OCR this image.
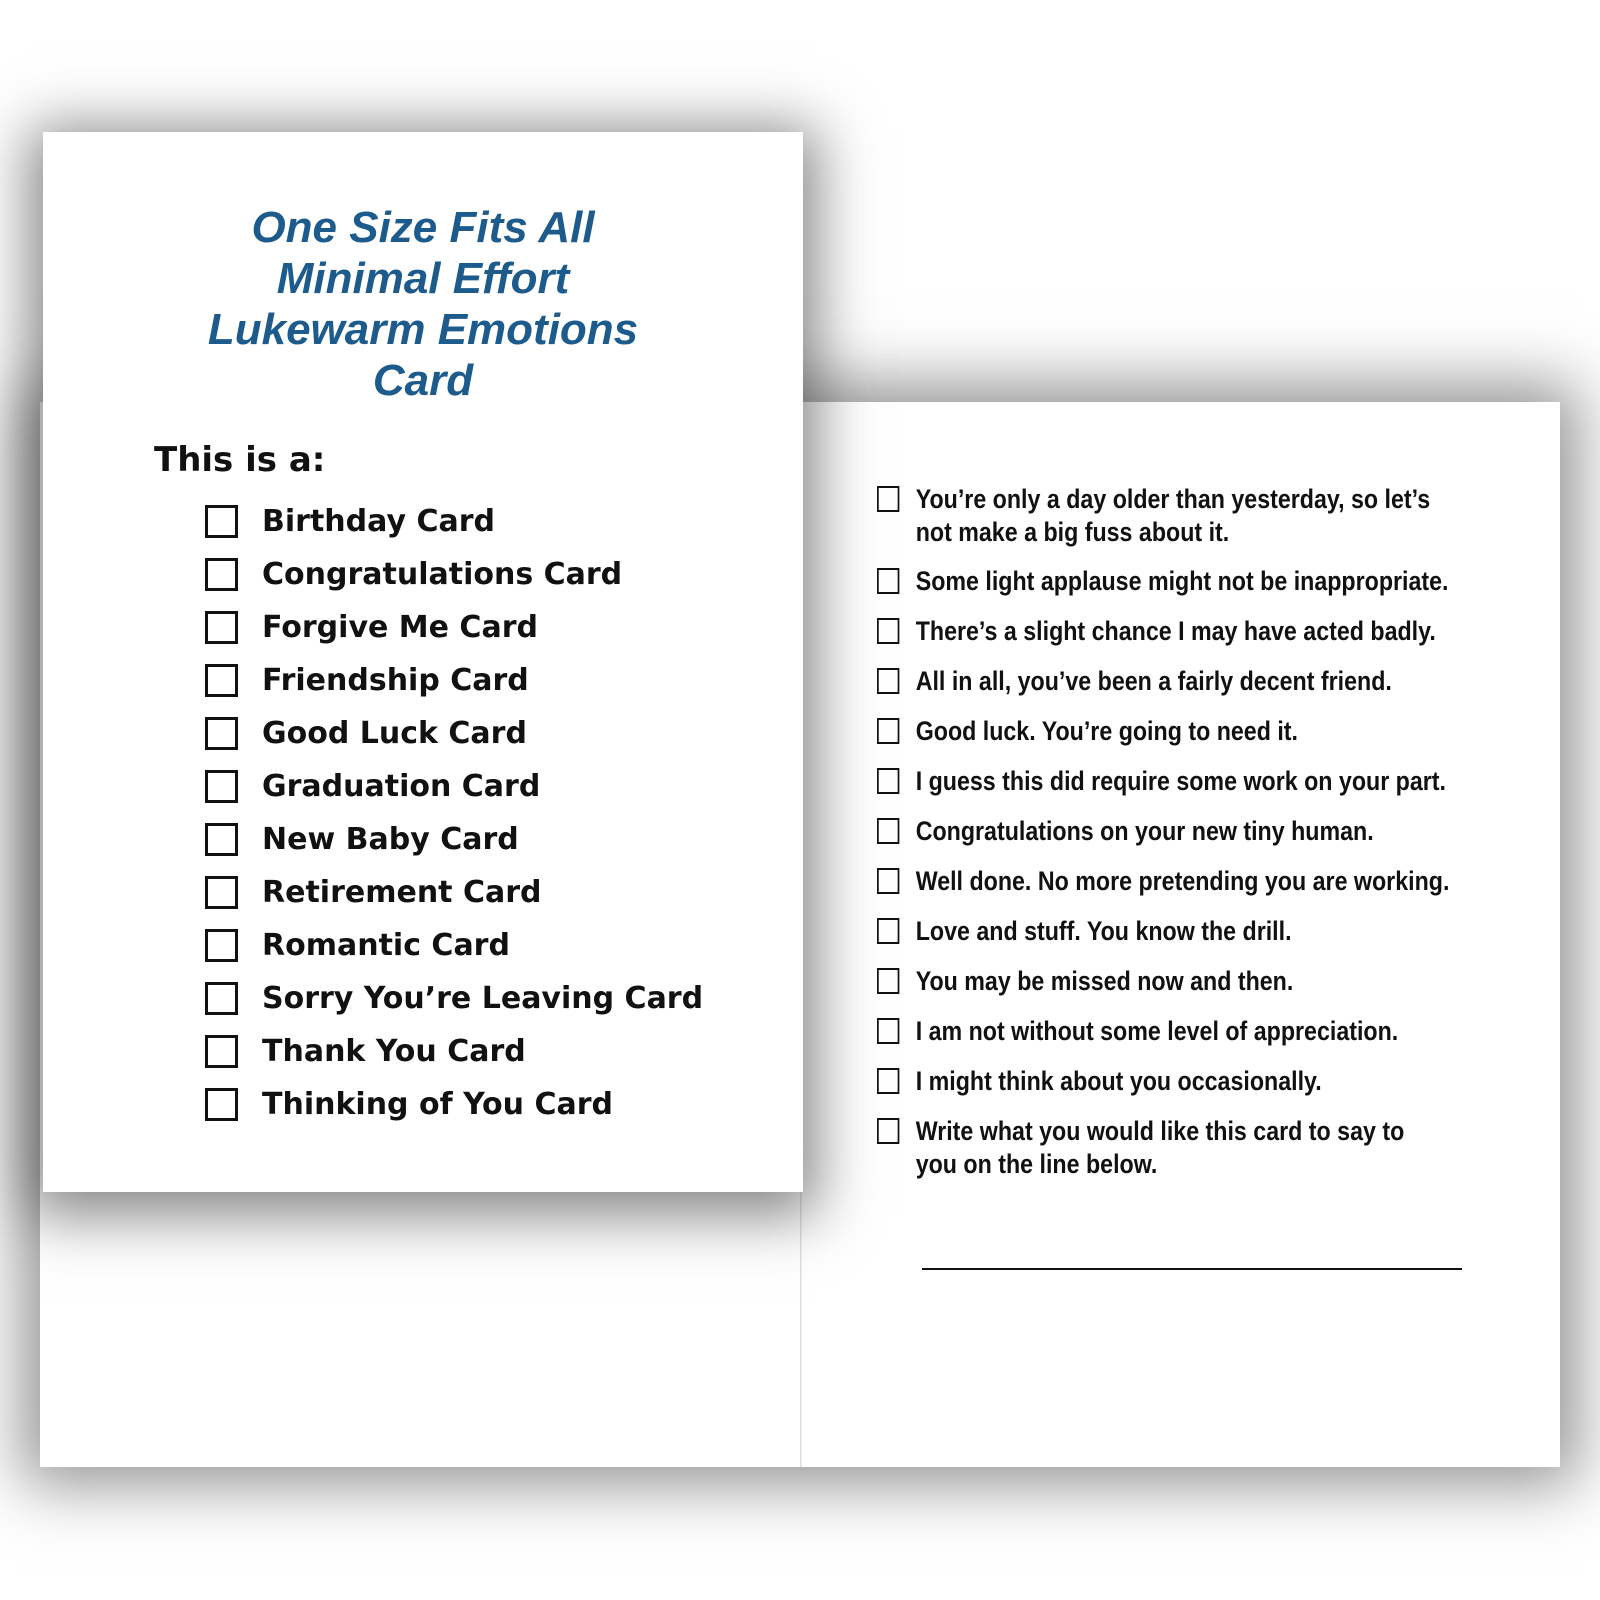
You’re only a day older than yesterday, so let’s
not make a big fuss about it.
Some light applause might not be inappropriate.
There’s a slight chance I may have acted badly.
All in all, you’ve been a fairly decent friend.
Good luck. You’re going to need it.
I guess this did require some work on your part.
Congratulations on your new tiny human.
Well done. No more pretending you are working.
Love and stuff. You know the drill.
You may be missed now and then.
I am not without some level of appreciation.
I might think about you occasionally.
Write what you would like this card to say to
you on the line below.
One Size Fits All
Minimal Effort
Lukewarm Emotions
Card
This is a:
Birthday Card
Congratulations Card
Forgive Me Card
Friendship Card
Good Luck Card
Graduation Card
New Baby Card
Retirement Card
Romantic Card
Sorry You’re Leaving Card
Thank You Card
Thinking of You Card
